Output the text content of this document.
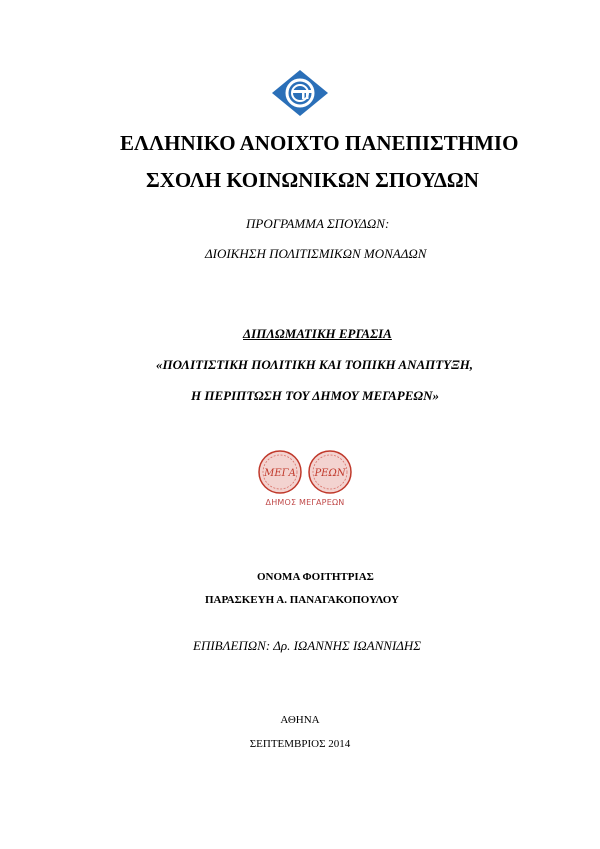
ΕΛΛΗΝΙΚΟ ΑΝΟΙΧΤΟ ΠΑΝΕΠΙΣΤΗΜΙΟ
ΣΧΟΛΗ ΚΟΙΝΩΝΙΚΩΝ ΣΠΟΥΔΩΝ
ΠΡΟΓΡΑΜΜΑ ΣΠΟΥΔΩΝ:
ΔΙΟΙΚΗΣΗ ΠΟΛΙΤΙΣΜΙΚΩΝ ΜΟΝΑΔΩΝ
ΔΙΠΛΩΜΑΤΙΚΗ ΕΡΓΑΣΙΑ
«ΠΟΛΙΤΙΣΤΙΚΗ ΠΟΛΙΤΙΚΗ ΚΑΙ ΤΟΠΙΚΗ ΑΝΑΠΤΥΞΗ,
Η ΠΕΡΙΠΤΩΣΗ ΤΟΥ ΔΗΜΟΥ ΜΕΓΑΡΕΩΝ»
ΜΕΓΑ ΡΕΩΝ
ΔΗΜΟΣ ΜΕΓΑΡΕΩΝ
ΟΝΟΜΑ ΦΟΙΤΗΤΡΙΑΣ
ΠΑΡΑΣΚΕΥΗ Α. ΠΑΝΑΓΑΚΟΠΟΥΛΟΥ
ΕΠΙΒΛΕΠΩΝ: Δρ. ΙΩΑΝΝΗΣ ΙΩΑΝΝΙΔΗΣ
ΑΘΗΝΑ
ΣΕΠΤΕΜΒΡΙΟΣ 2014
